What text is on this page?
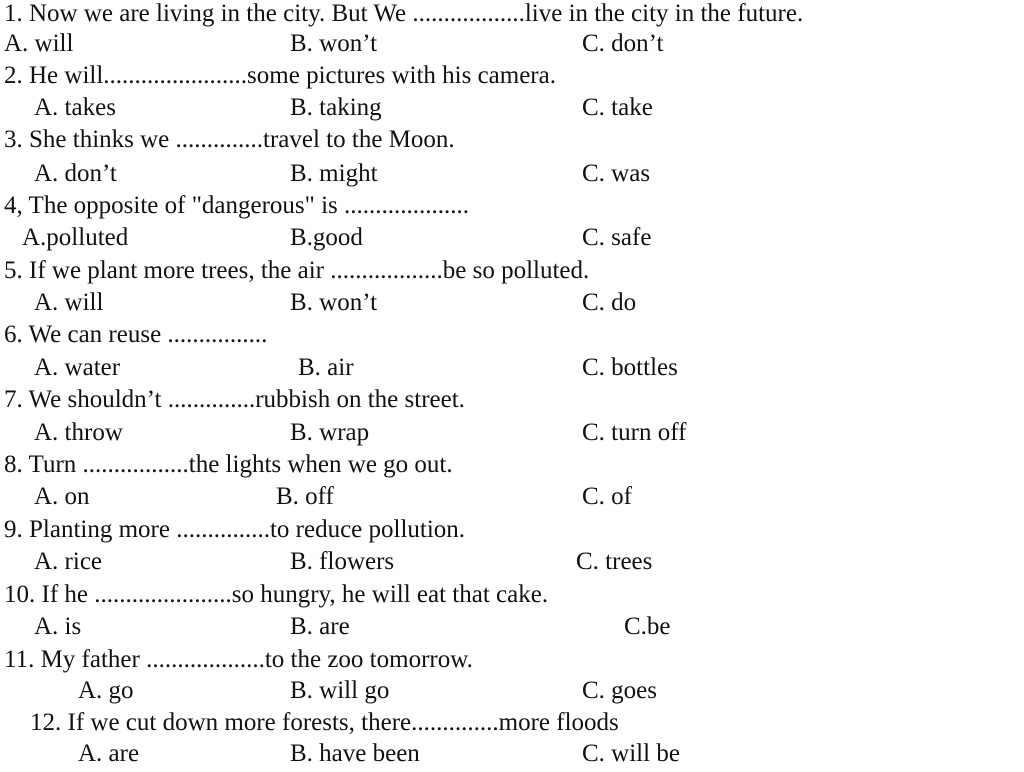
1. Now we are living in the city. But We ..................live in the city in the future.
A. will	B. won’t	C. don’t
2. He will.......................some pictures with his camera.
A. takes	B. taking	C. take
3. She thinks we ..............travel to the Moon.
A. don’t	B. might	C. was
4, The opposite of "dangerous" is ....................
A.polluted	B.good	C. safe
5. If we plant more trees, the air ..................be so polluted.
A. will	B. won’t	C. do
6. We can reuse ................
A. water	B. air	C. bottles
7. We shouldn’t ..............rubbish on the street.
A. throw	B. wrap	C. turn off
8. Turn .................the lights when we go out.
A. on	B. off	C. of
9. Planting more ...............to reduce pollution.
A. rice	B. flowers	C. trees
10. If he ......................so hungry, he will eat that cake.
A. is	B. are	C.be
11. My father ...................to the zoo tomorrow.
A. go	B. will go	C. goes
12. If we cut down more forests, there..............more floods
A. are	B. have been	C. will be
